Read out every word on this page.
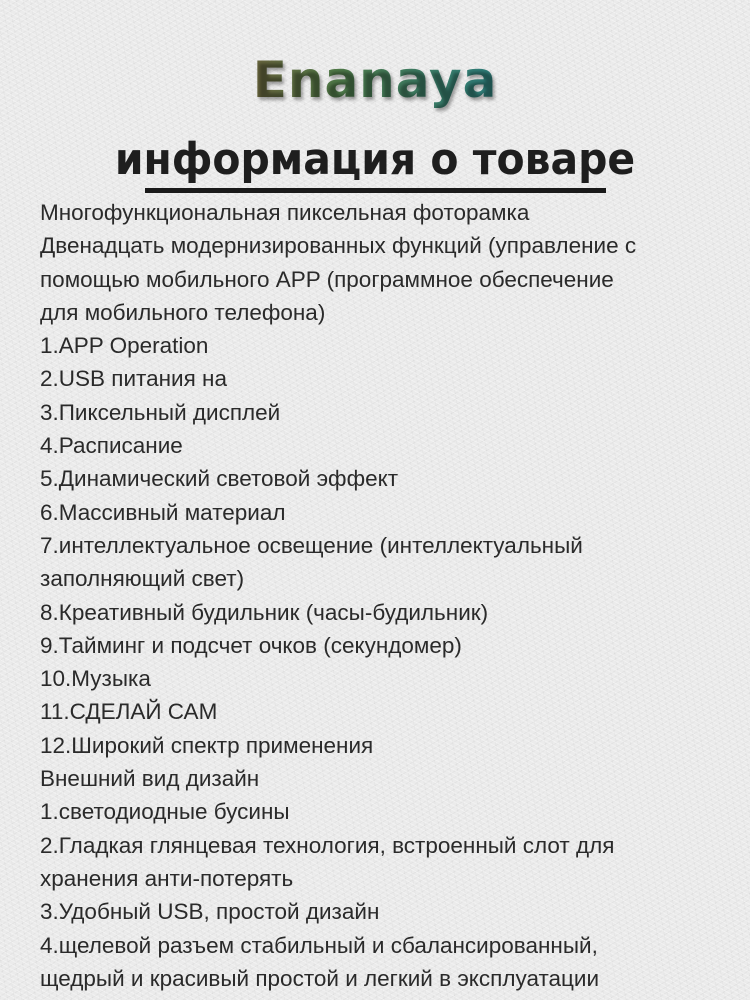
Enanaya
информация о товаре
Многофункциональная пиксельная фоторамка
Двенадцать модернизированных функций (управление с
помощью мобильного APP (программное обеспечение
для мобильного телефона)
1.APP Operation
2.USB питания на
3.Пиксельный дисплей
4.Расписание
5.Динамический световой эффект
6.Массивный материал
7.интеллектуальное освещение (интеллектуальный
заполняющий свет)
8.Креативный будильник (часы-будильник)
9.Тайминг и подсчет очков (секундомер)
10.Музыка
11.СДЕЛАЙ САМ
12.Широкий спектр применения
Внешний вид дизайн
1.светодиодные бусины
2.Гладкая глянцевая технология, встроенный слот для
хранения анти-потерять
3.Удобный USB, простой дизайн
4.щелевой разъем стабильный и сбалансированный,
щедрый и красивый простой и легкий в эксплуатации
